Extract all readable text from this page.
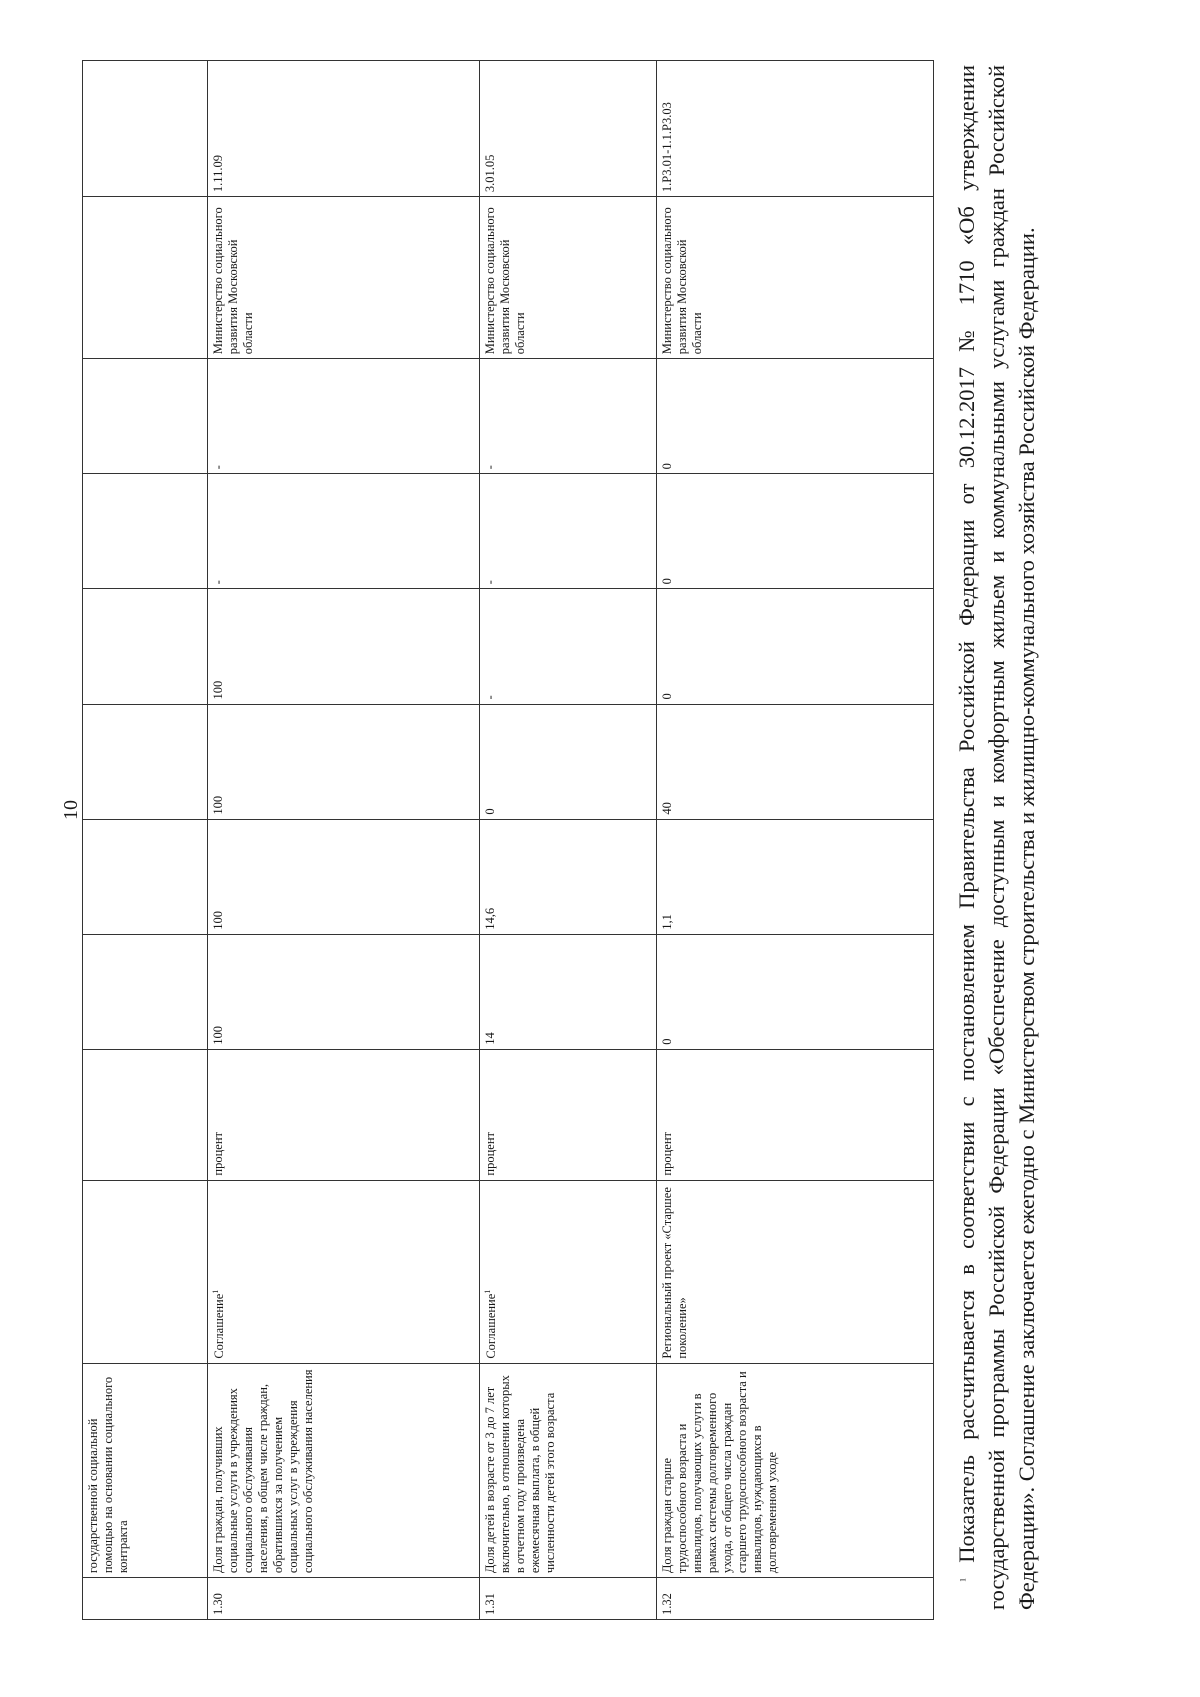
10
	государственной социальной помощью на основании социального контракта										
1.30	Доля граждан, получивших социальные услуги в учреждениях социального обслуживания населения, в общем числе граждан, обратившихся за получением социальных услуг в учреждения социального обслуживания населения	Соглашение$^1$	процент	100	100	100	100	-	-	Министерство социального развития Московской области	1.11.09
1.31	Доля детей в возрасте от 3 до 7 лет включительно, в отношении которых в отчетном году произведена ежемесячная выплата, в общей численности детей этого возраста	Соглашение$^1$	процент	14	14,6	0	-	-	-	Министерство социального развития Московской области	3.01.05
1.32	Доля граждан старше трудоспособного возраста и инвалидов, получающих услуги в рамках системы долговременного ухода, от общего числа граждан старшего трудоспособного возраста и инвалидов, нуждающихся в долговременном уходе	Региональный проект «Старшее поколение»	процент	0	1,1	40	0	0	0	Министерство социального развития Московской области	1.P3.01-1.1.P3.03

$^1$ Показатель рассчитывается в соответствии с постановлением Правительства Российской Федерации от 30.12.2017 № 1710 «Об утверждении государственной программы Российской Федерации «Обеспечение доступным и комфортным жильем и коммунальными услугами граждан Российской Федерации». Соглашение заключается ежегодно с Министерством строительства и жилищно-коммунального хозяйства Российской Федерации.
